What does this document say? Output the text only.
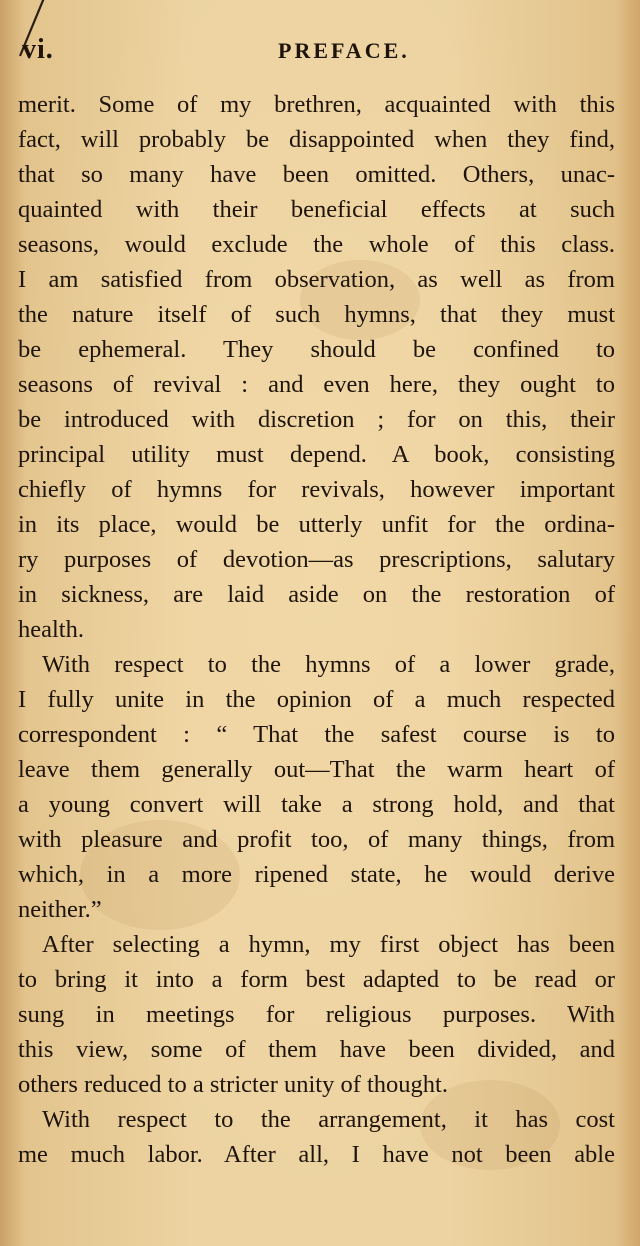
vi.	PREFACE.
merit. Some of my brethren, acquainted with this
fact, will probably be disappointed when they find,
that so many have been omitted. Others, unac-
quainted with their beneficial effects at such
seasons, would exclude the whole of this class.
I am satisfied from observation, as well as from
the nature itself of such hymns, that they must
be ephemeral. They should be confined to
seasons of revival : and even here, they ought to
be introduced with discretion ; for on this, their
principal utility must depend. A book, consisting
chiefly of hymns for revivals, however important
in its place, would be utterly unfit for the ordina-
ry purposes of devotion—as prescriptions, salutary
in sickness, are laid aside on the restoration of
health.
With respect to the hymns of a lower grade,
I fully unite in the opinion of a much respected
correspondent : “ That the safest course is to
leave them generally out—That the warm heart of
a young convert will take a strong hold, and that
with pleasure and profit too, of many things, from
which, in a more ripened state, he would derive
neither.”
After selecting a hymn, my first object has been
to bring it into a form best adapted to be read or
sung in meetings for religious purposes. With
this view, some of them have been divided, and
others reduced to a stricter unity of thought.
With respect to the arrangement, it has cost
me much labor. After all, I have not been able
